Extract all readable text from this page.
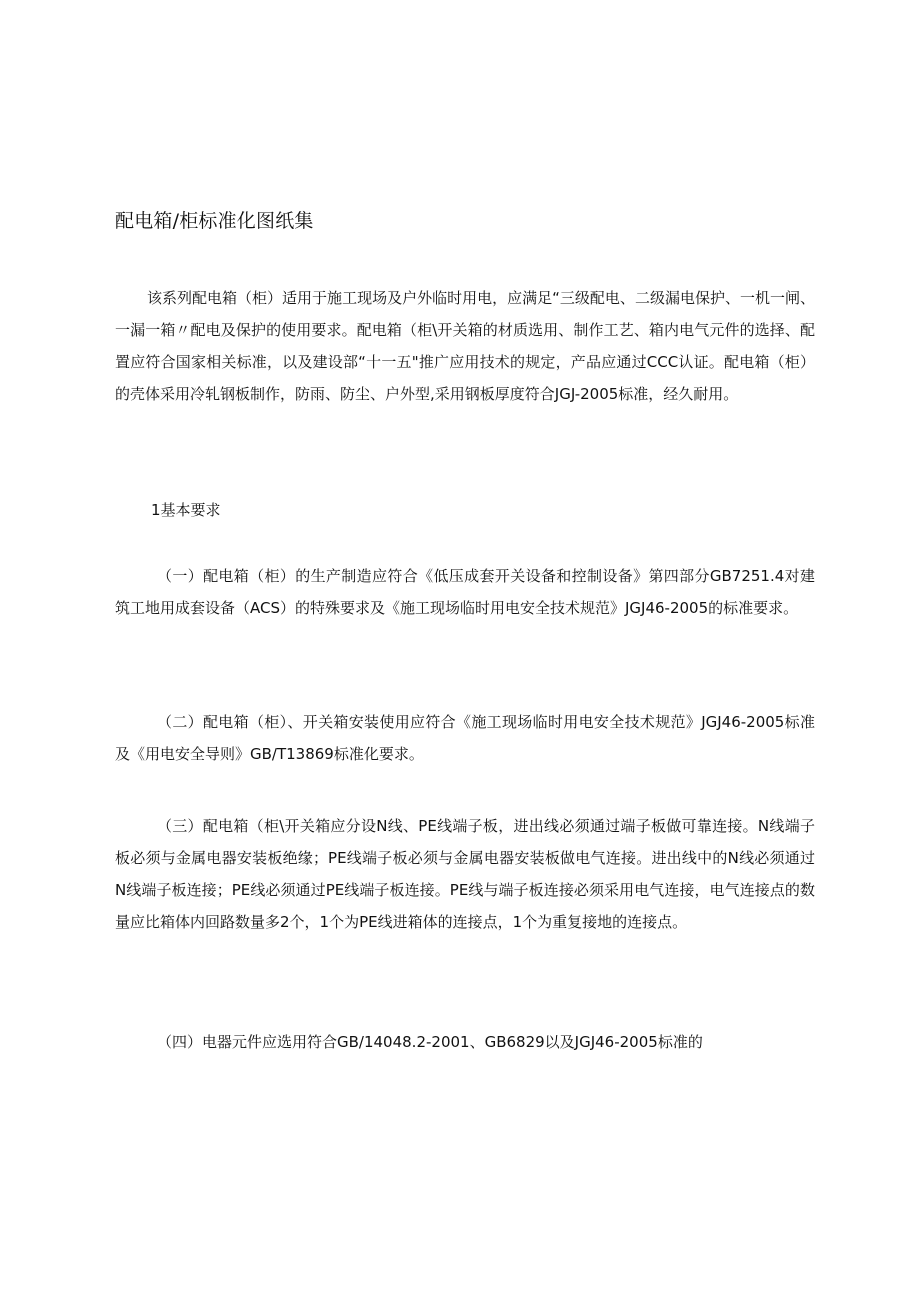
配电箱/柜标准化图纸集

该系列配电箱（柜）适用于施工现场及户外临时用电，应满足“三级配电、二级漏电保护、一机一闸、一漏一箱〃配电及保护的使用要求。配电箱（柜\开关箱的材质选用、制作工艺、箱内电气元件的选择、配置应符合国家相关标准，以及建设部“十一五"推广应用技术的规定，产品应通过CCC认证。配电箱（柜）的壳体采用冷轧钢板制作，防雨、防尘、户外型,采用钢板厚度符合JGJ-2005标准，经久耐用。

1基本要求

（一）配电箱（柜）的生产制造应符合《低压成套开关设备和控制设备》第四部分GB7251.4对建筑工地用成套设备（ACS）的特殊要求及《施工现场临时用电安全技术规范》JGJ46-2005的标准要求。

（二）配电箱（柜）、开关箱安装使用应符合《施工现场临时用电安全技术规范》JGJ46-2005标准及《用电安全导则》GB/T13869标准化要求。

（三）配电箱（柜\开关箱应分设N线、PE线端子板，进出线必须通过端子板做可靠连接。N线端子板必须与金属电器安装板绝缘；PE线端子板必须与金属电器安装板做电气连接。进出线中的N线必须通过N线端子板连接；PE线必须通过PE线端子板连接。PE线与端子板连接必须采用电气连接，电气连接点的数量应比箱体内回路数量多2个，1个为PE线进箱体的连接点，1个为重复接地的连接点。

（四）电器元件应选用符合GB/14048.2-2001、GB6829以及JGJ46-2005标准的
